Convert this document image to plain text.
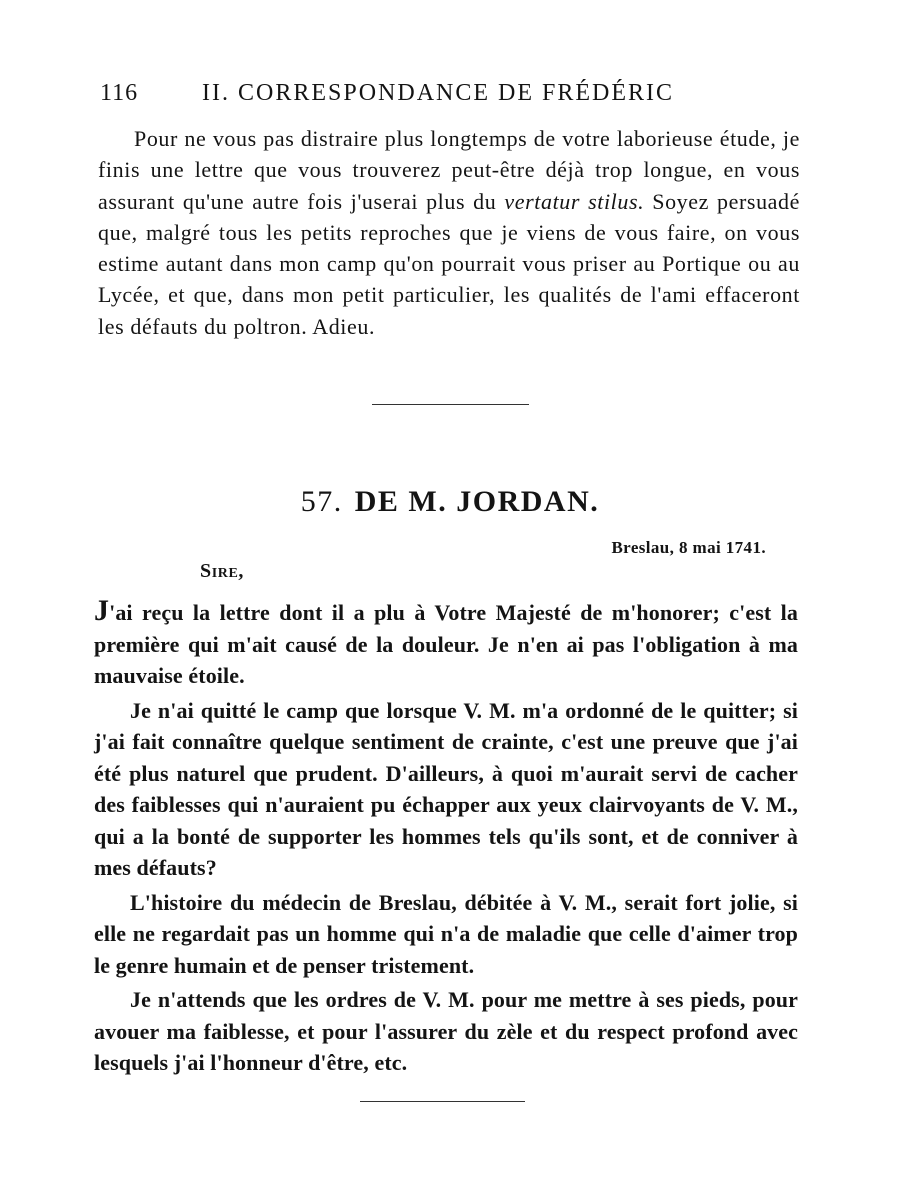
116	II. CORRESPONDANCE DE FRÉDÉRIC

Pour ne vous pas distraire plus longtemps de votre laborieuse étude, je finis une lettre que vous trouverez peut-être déjà trop longue, en vous assurant qu'une autre fois j'userai plus du vertatur stilus. Soyez persuadé que, malgré tous les petits reproches que je viens de vous faire, on vous estime autant dans mon camp qu'on pourrait vous priser au Portique ou au Lycée, et que, dans mon petit particulier, les qualités de l'ami effaceront les défauts du poltron. Adieu.

57. DE M. JORDAN.
Breslau, 8 mai 1741.
Sire,

J'ai reçu la lettre dont il a plu à Votre Majesté de m'honorer; c'est la première qui m'ait causé de la douleur. Je n'en ai pas l'obligation à ma mauvaise étoile.

Je n'ai quitté le camp que lorsque V. M. m'a ordonné de le quitter; si j'ai fait connaître quelque sentiment de crainte, c'est une preuve que j'ai été plus naturel que prudent. D'ailleurs, à quoi m'aurait servi de cacher des faiblesses qui n'auraient pu échapper aux yeux clairvoyants de V. M., qui a la bonté de supporter les hommes tels qu'ils sont, et de conniver à mes défauts?

L'histoire du médecin de Breslau, débitée à V. M., serait fort jolie, si elle ne regardait pas un homme qui n'a de maladie que celle d'aimer trop le genre humain et de penser tristement.

Je n'attends que les ordres de V. M. pour me mettre à ses pieds, pour avouer ma faiblesse, et pour l'assurer du zèle et du respect profond avec lesquels j'ai l'honneur d'être, etc.
